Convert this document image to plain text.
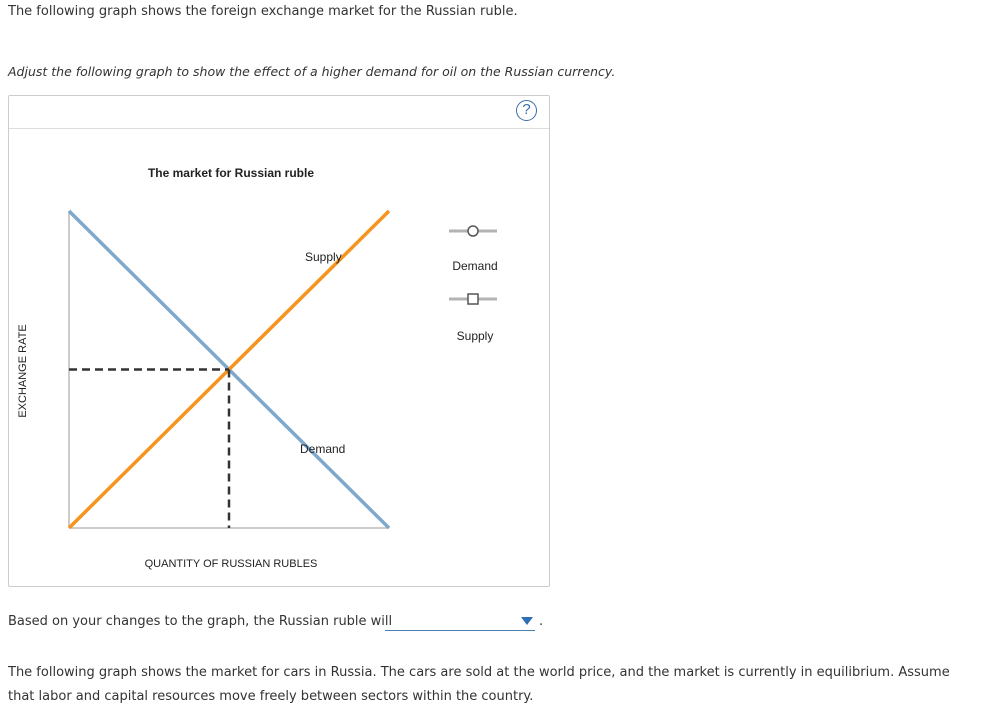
The following graph shows the foreign exchange market for the Russian ruble.
Adjust the following graph to show the effect of a higher demand for oil on the Russian currency.
?
The market for Russian ruble
EXCHANGE RATE
QUANTITY OF RUSSIAN RUBLES
Supply
Demand
Demand
Supply
Based on your changes to the graph, the Russian ruble will	.
The following graph shows the market for cars in Russia. The cars are sold at the world price, and the market is currently in equilibrium. Assume that labor and capital resources move freely between sectors within the country.
